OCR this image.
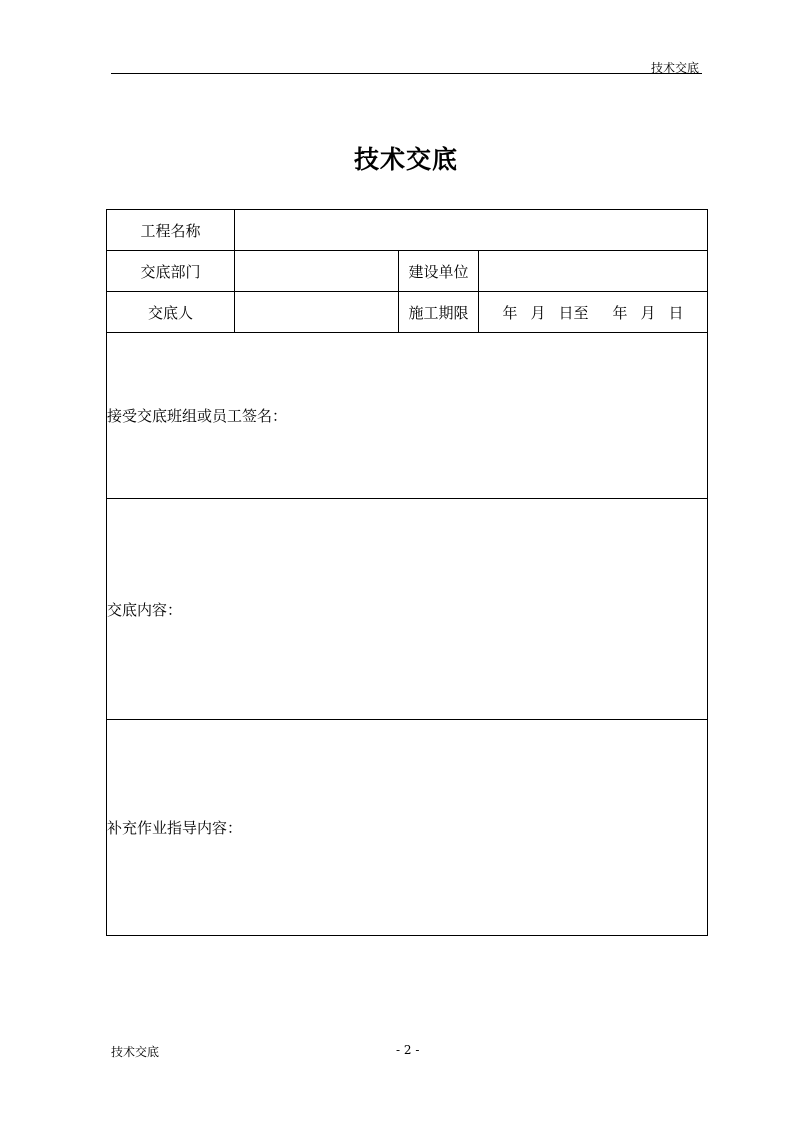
技术交底
技术交底
工程名称			
交底部门		建设单位	
交底人		施工期限	年 月 日至 年 月 日
接受交底班组或员工签名：			
交底内容：			
补充作业指导内容：			
技术交底	- 2 -
